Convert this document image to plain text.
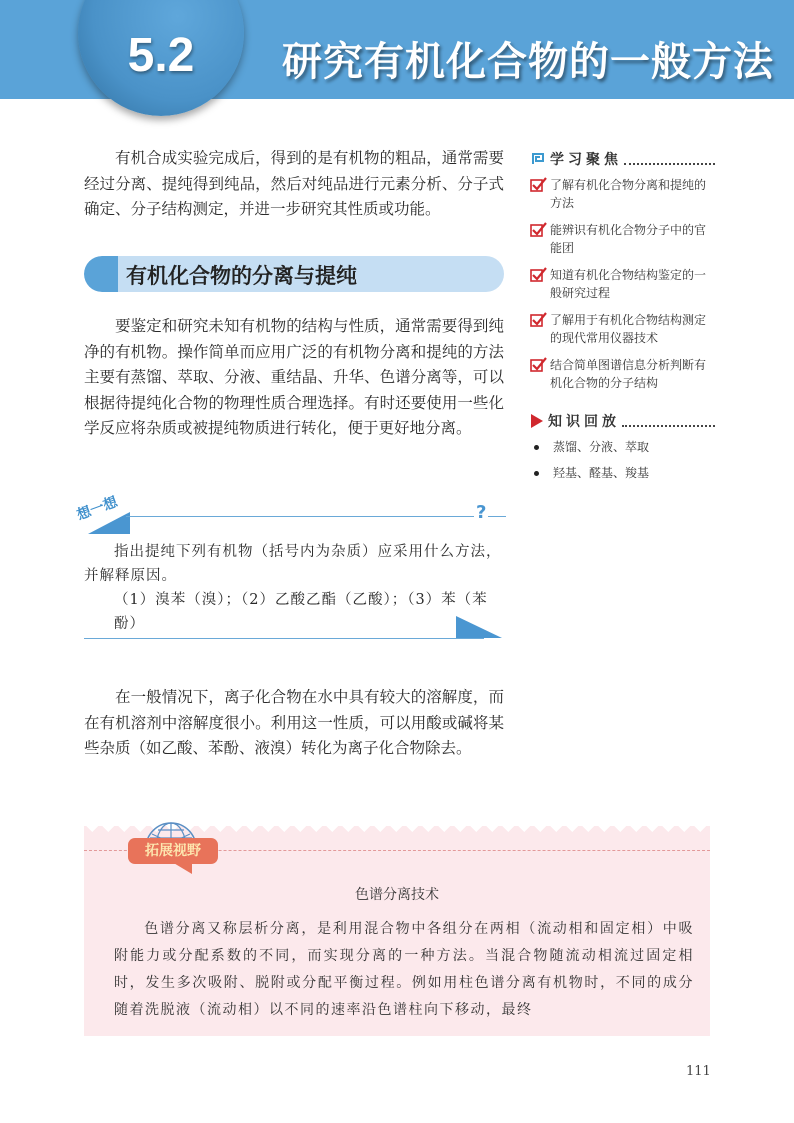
5.2	研究有机化合物的一般方法
有机合成实验完成后，得到的是有机物的粗品，通常需要经过分离、提纯得到纯品，然后对纯品进行元素分析、分子式确定、分子结构测定，并进一步研究其性质或功能。
有机化合物的分离与提纯
要鉴定和研究未知有机物的结构与性质，通常需要得到纯净的有机物。操作简单而应用广泛的有机物分离和提纯的方法主要有蒸馏、萃取、分液、重结晶、升华、色谱分离等，可以根据待提纯化合物的物理性质合理选择。有时还要使用一些化学反应将杂质或被提纯物质进行转化，便于更好地分离。
想一想	?
指出提纯下列有机物（括号内为杂质）应采用什么方法，并解释原因。
（1）溴苯（溴）；（2）乙酸乙酯（乙酸）；（3）苯（苯酚）
在一般情况下，离子化合物在水中具有较大的溶解度，而在有机溶剂中溶解度很小。利用这一性质，可以用酸或碱将某些杂质（如乙酸、苯酚、液溴）转化为离子化合物除去。
学习聚焦
了解有机化合物分离和提纯的方法
能辨识有机化合物分子中的官能团
知道有机化合物结构鉴定的一般研究过程
了解用于有机化合物结构测定的现代常用仪器技术
结合简单图谱信息分析判断有机化合物的分子结构
知识回放
蒸馏、分液、萃取
羟基、醛基、羧基
拓展视野
色谱分离技术
色谱分离又称层析分离，是利用混合物中各组分在两相（流动相和固定相）中吸附能力或分配系数的不同，而实现分离的一种方法。当混合物随流动相流过固定相时，发生多次吸附、脱附或分配平衡过程。例如用柱色谱分离有机物时，不同的成分随着洗脱液（流动相）以不同的速率沿色谱柱向下移动，最终
111
